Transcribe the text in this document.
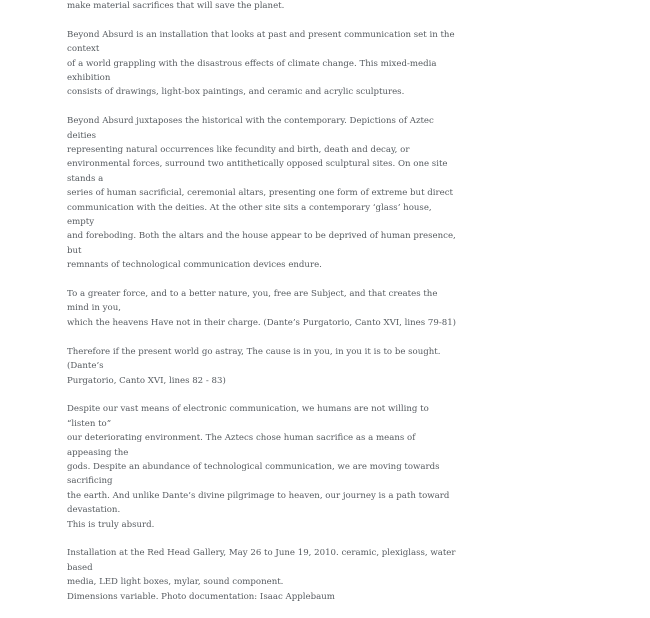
make material sacrifices that will save the planet.

Beyond Absurd is an installation that looks at past and present communication set in the context
of a world grappling with the disastrous effects of climate change. This mixed-media exhibition
consists of drawings, light-box paintings, and ceramic and acrylic sculptures.

Beyond Absurd juxtaposes the historical with the contemporary. Depictions of Aztec deities
representing natural occurrences like fecundity and birth, death and decay, or
environmental forces, surround two antithetically opposed sculptural sites. On one site stands a
series of human sacrificial, ceremonial altars, presenting one form of extreme but direct
communication with the deities. At the other site sits a contemporary ‘glass’ house, empty
and foreboding. Both the altars and the house appear to be deprived of human presence, but
remnants of technological communication devices endure.

To a greater force, and to a better nature, you, free are Subject, and that creates the mind in you,
which the heavens Have not in their charge. (Dante’s Purgatorio, Canto XVI, lines 79-81)

Therefore if the present world go astray, The cause is in you, in you it is to be sought. (Dante’s
Purgatorio, Canto XVI, lines 82 - 83)

Despite our vast means of electronic communication, we humans are not willing to “listen to”
our deteriorating environment. The Aztecs chose human sacrifice as a means of appeasing the
gods. Despite an abundance of technological communication, we are moving towards sacrificing
the earth. And unlike Dante’s divine pilgrimage to heaven, our journey is a path toward
devastation.

This is truly absurd.

Installation at the Red Head Gallery, May 26 to June 19, 2010. ceramic, plexiglass, water based
media, LED light boxes, mylar, sound component.

Dimensions variable. Photo documentation: Isaac Applebaum
